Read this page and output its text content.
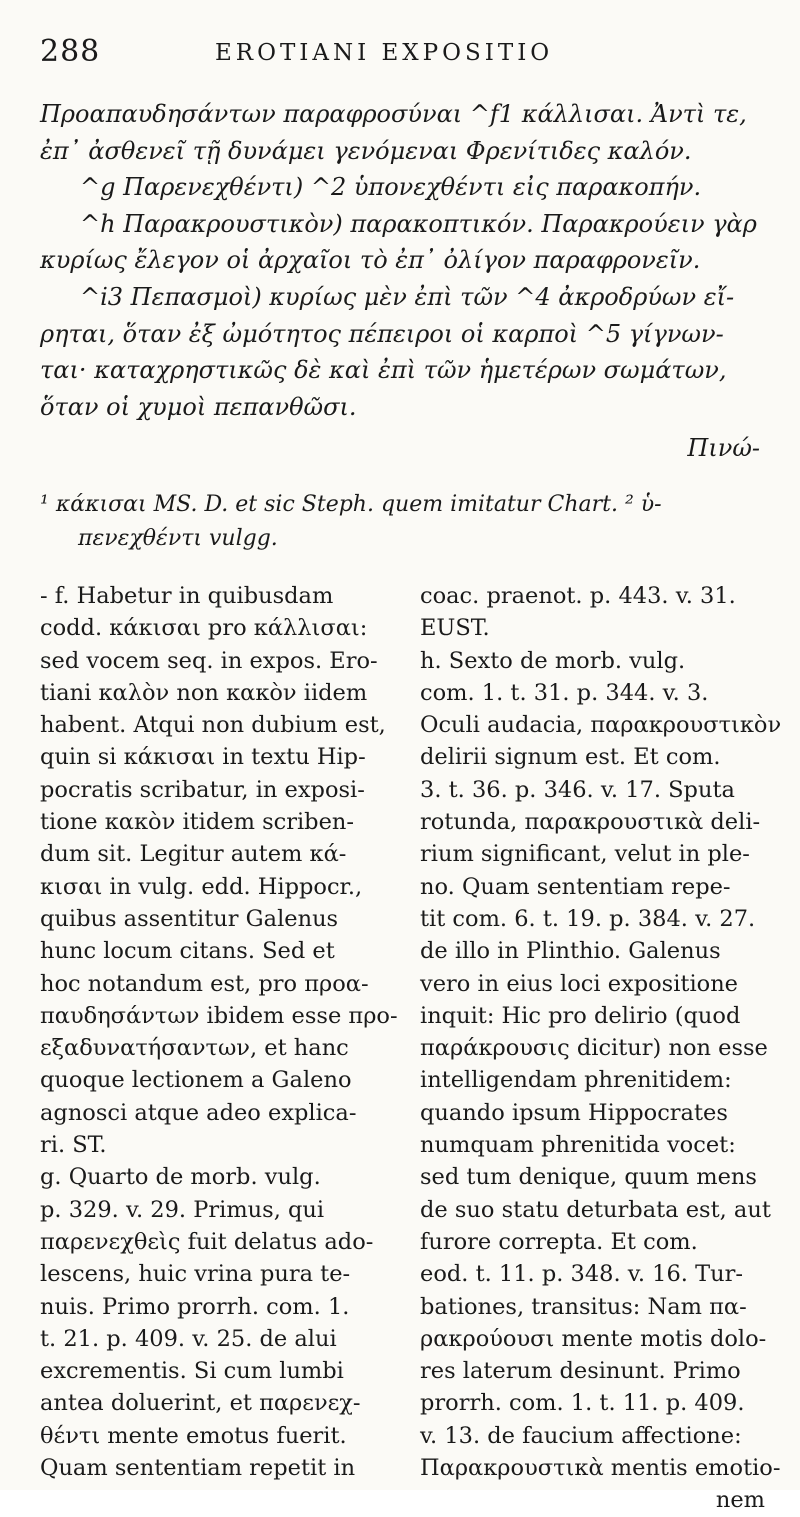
288	EROTIANI EXPOSITIO
Προαπαυδησάντων παραφροσύναι ^f1 κάλλισαι. Ἀντὶ τε,
ἐπ᾽ ἀσθενεῖ τῇ δυνάμει γενόμεναι Φρενίτιδες καλόν.
^g Παρενεχθέντι) ^2 ὑπονεχθέντι εἰς παρακοπήν.
^h Παρακρουστικὸν) παρακοπτικόν. Παρακρούειν γὰρ
κυρίως ἔλεγον οἱ ἀρχαῖοι τὸ ἐπ᾽ ὀλίγον παραφρονεῖν.
^i3 Πεπασμοὶ) κυρίως μὲν ἐπὶ τῶν ^4 ἀκροδρύων εἴ-
ρηται, ὅταν ἐξ ὠμότητος πέπειροι οἱ καρποὶ ^5 γίγνων-
ται· καταχρηστικῶς δὲ καὶ ἐπὶ τῶν ἡμετέρων σωμάτων,
ὅταν οἱ χυμοὶ πεπανθῶσι.
Πινώ-
¹ κάκισαι MS. D. et sic Steph. quem imitatur Chart. ² ὑ-
πενεχθέντι vulgg.
- f. Habetur in quibusdam
codd. κάκισαι pro κάλλισαι:
sed vocem seq. in expos. Ero-
tiani καλὸν non κακὸν iidem
habent. Atqui non dubium est,
quin si κάκισαι in textu Hip-
pocratis scribatur, in exposi-
tione κακὸν itidem scriben-
dum sit. Legitur autem κά-
κισαι in vulg. edd. Hippocr.,
quibus assentitur Galenus
hunc locum citans. Sed et
hoc notandum est, pro προα-
παυδησάντων ibidem esse προ-
εξαδυνατήσαντων, et hanc
quoque lectionem a Galeno
agnosci atque adeo explica-
ri. ST.
g. Quarto de morb. vulg.
p. 329. v. 29. Primus, qui
παρενεχθεὶς fuit delatus ado-
lescens, huic vrina pura te-
nuis. Primo prorrh. com. 1.
t. 21. p. 409. v. 25. de alui
excrementis. Si cum lumbi
antea doluerint, et παρενεχ-
θέντι mente emotus fuerit.
Quam sententiam repetit in
coac. praenot. p. 443. v. 31.
EUST.
h. Sexto de morb. vulg.
com. 1. t. 31. p. 344. v. 3.
Oculi audacia, παρακρουστικὸν
delirii signum est. Et com.
3. t. 36. p. 346. v. 17. Sputa
rotunda, παρακρουστικὰ deli-
rium significant, velut in ple-
no. Quam sententiam repe-
tit com. 6. t. 19. p. 384. v. 27.
de illo in Plinthio. Galenus
vero in eius loci expositione
inquit: Hic pro delirio (quod
παράκρουσις dicitur) non esse
intelligendam phrenitidem:
quando ipsum Hippocrates
numquam phrenitida vocet:
sed tum denique, quum mens
de suo statu deturbata est, aut
furore correpta. Et com.
eod. t. 11. p. 348. v. 16. Tur-
bationes, transitus: Nam πα-
ρακρούουσι mente motis dolo-
res laterum desinunt. Primo
prorrh. com. 1. t. 11. p. 409.
v. 13. de faucium affectione:
Παρακρουστικὰ mentis emotio-
nem
